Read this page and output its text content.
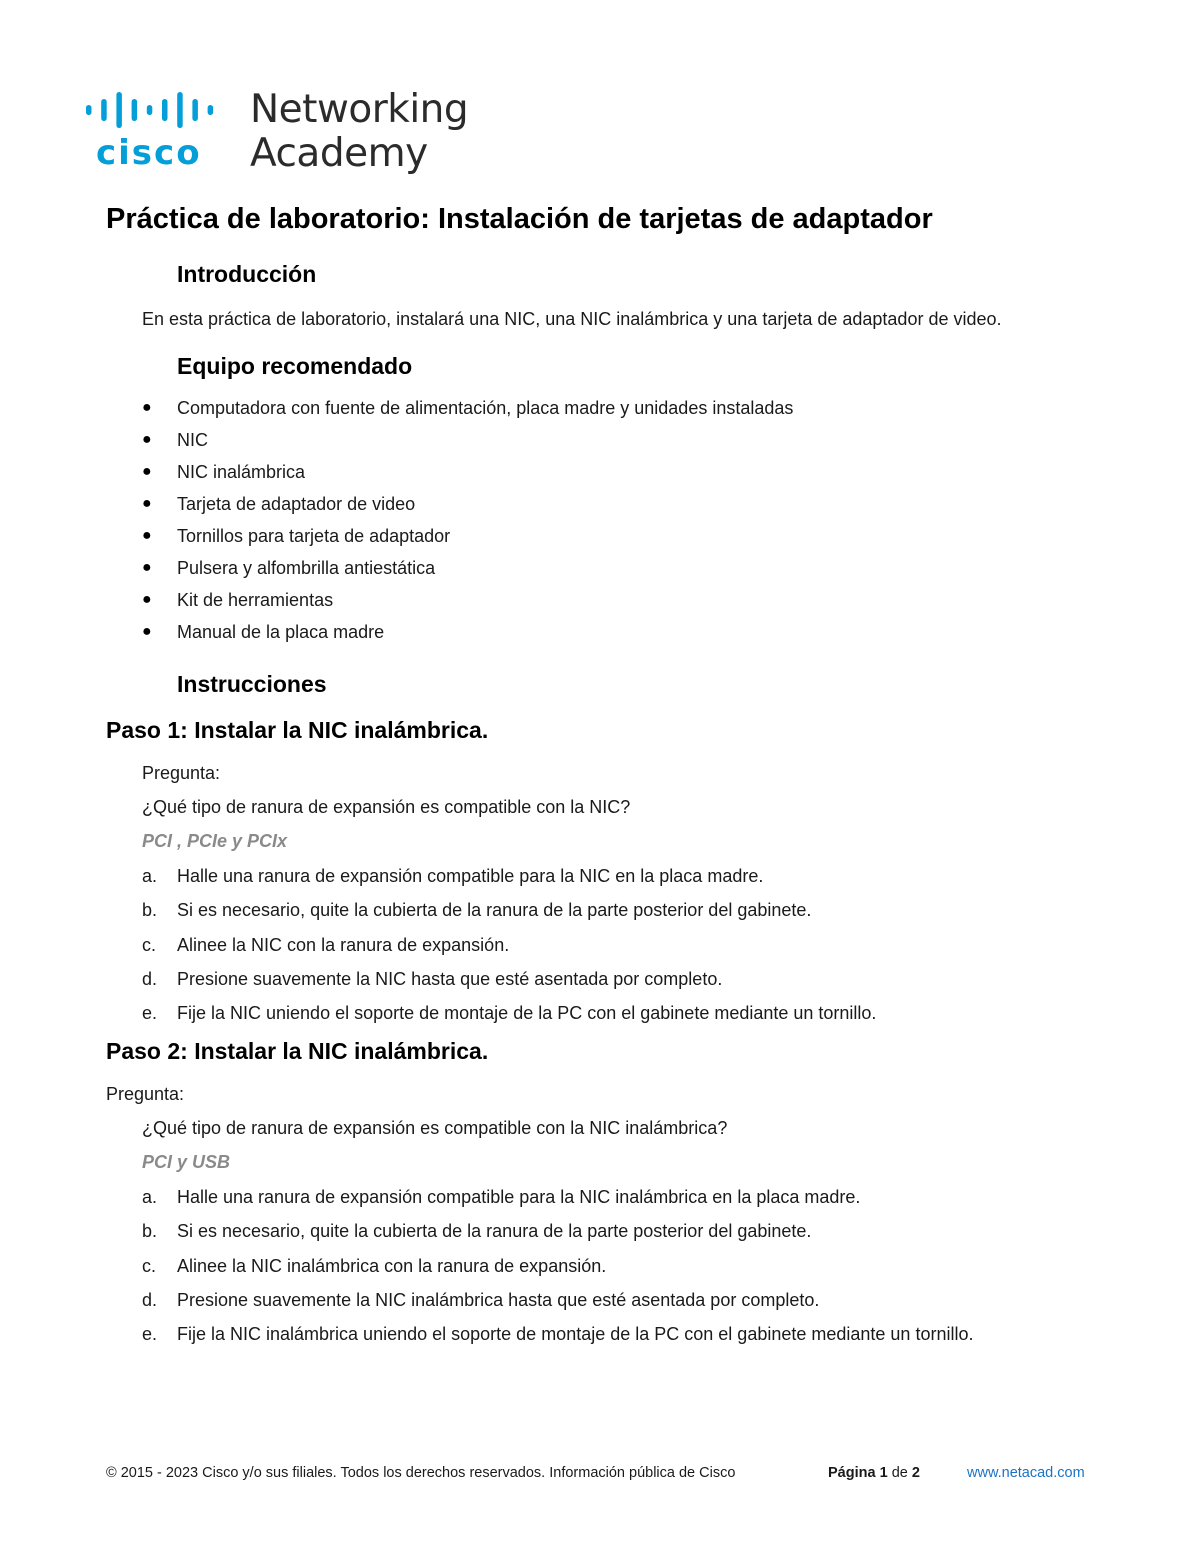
cisco
Networking
Academy
Práctica de laboratorio: Instalación de tarjetas de adaptador
Introducción
En esta práctica de laboratorio, instalará una NIC, una NIC inalámbrica y una tarjeta de adaptador de video.
Equipo recomendado
● Computadora con fuente de alimentación, placa madre y unidades instaladas
● NIC
● NIC inalámbrica
● Tarjeta de adaptador de video
● Tornillos para tarjeta de adaptador
● Pulsera y alfombrilla antiestática
● Kit de herramientas
● Manual de la placa madre
Instrucciones
Paso 1: Instalar la NIC inalámbrica.
Pregunta:
¿Qué tipo de ranura de expansión es compatible con la NIC?
PCI , PCIe y PCIx
a. Halle una ranura de expansión compatible para la NIC en la placa madre.
b. Si es necesario, quite la cubierta de la ranura de la parte posterior del gabinete.
c. Alinee la NIC con la ranura de expansión.
d. Presione suavemente la NIC hasta que esté asentada por completo.
e. Fije la NIC uniendo el soporte de montaje de la PC con el gabinete mediante un tornillo.
Paso 2: Instalar la NIC inalámbrica.
Pregunta:
¿Qué tipo de ranura de expansión es compatible con la NIC inalámbrica?
PCI y USB
a. Halle una ranura de expansión compatible para la NIC inalámbrica en la placa madre.
b. Si es necesario, quite la cubierta de la ranura de la parte posterior del gabinete.
c. Alinee la NIC inalámbrica con la ranura de expansión.
d. Presione suavemente la NIC inalámbrica hasta que esté asentada por completo.
e. Fije la NIC inalámbrica uniendo el soporte de montaje de la PC con el gabinete mediante un tornillo.
© 2015 - 2023 Cisco y/o sus filiales. Todos los derechos reservados. Información pública de Cisco	Página 1 de 2	www.netacad.com
